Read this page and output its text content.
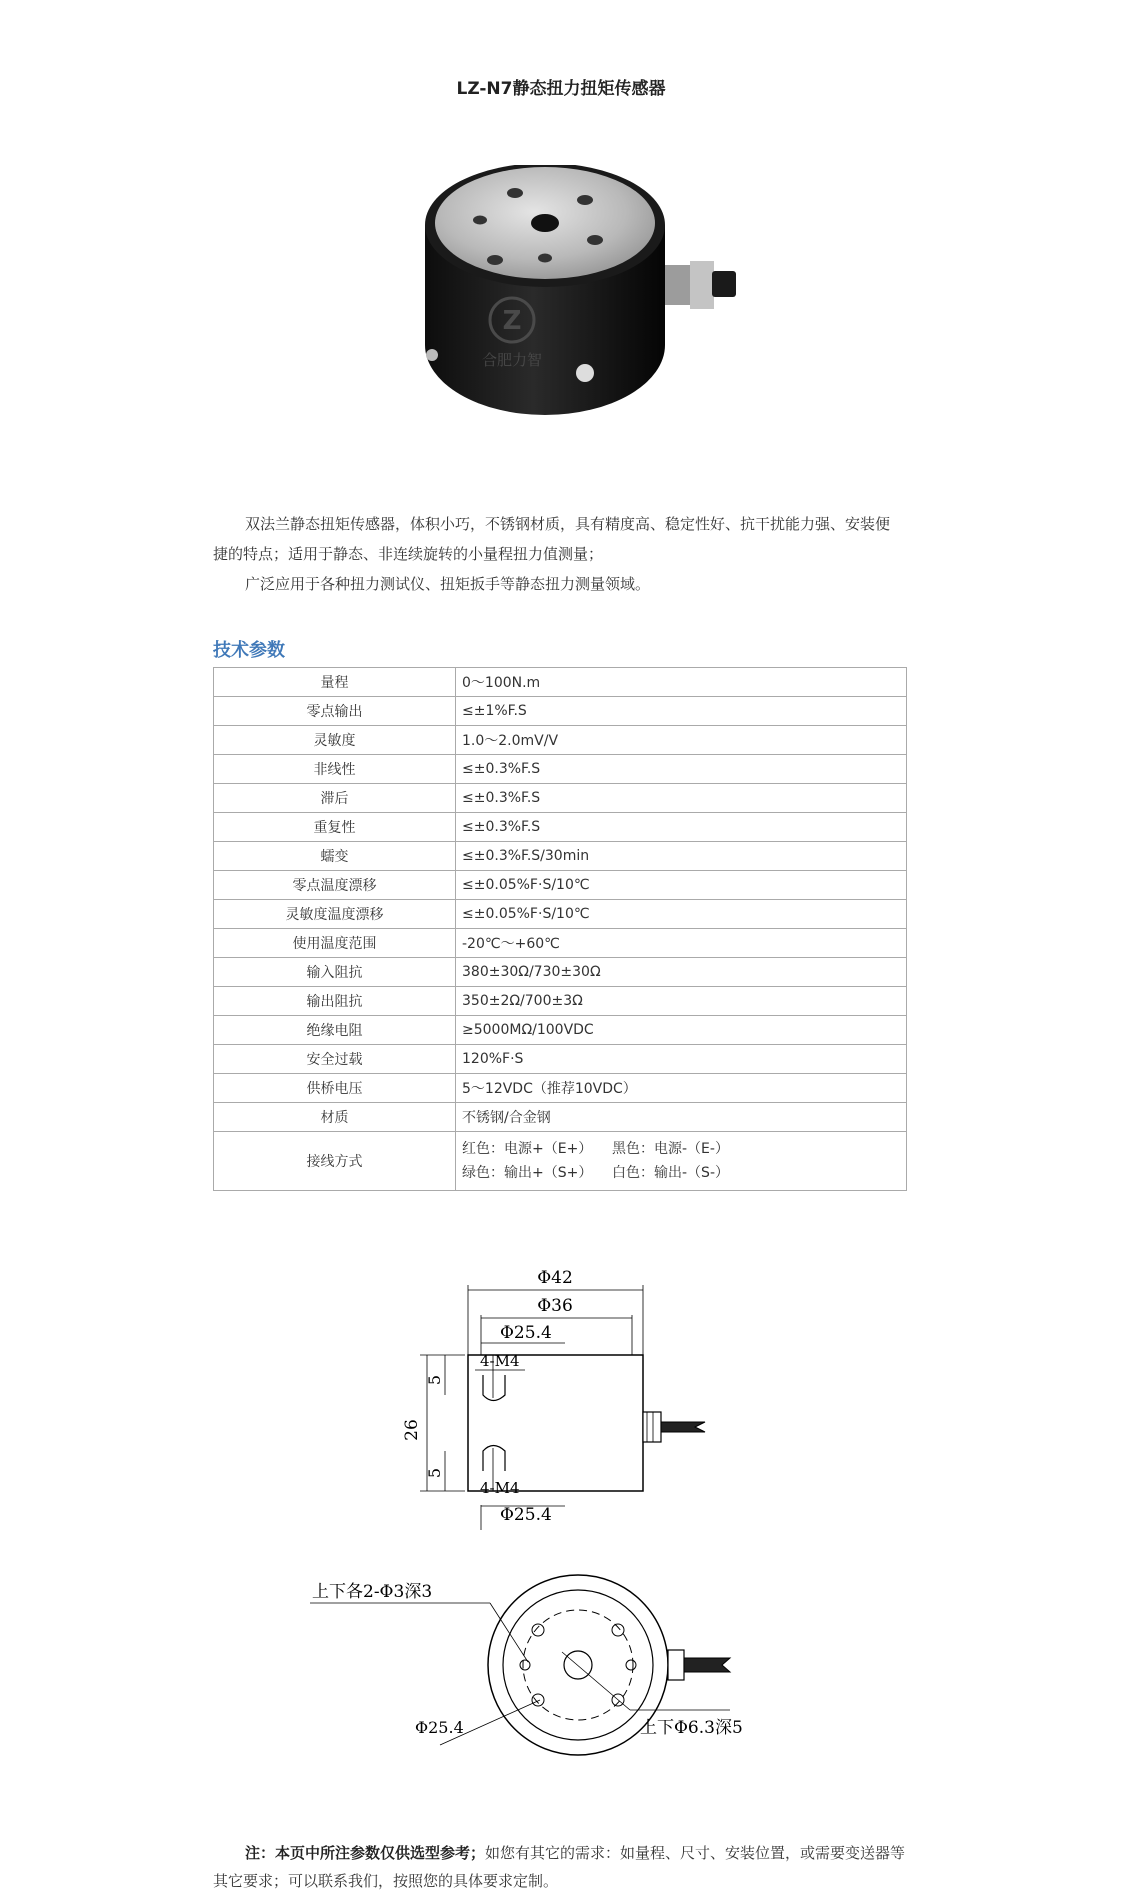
LZ-N7静态扭力扭矩传感器
Z
合肥力智

双法兰静态扭矩传感器，体积小巧，不锈钢材质，具有精度高、稳定性好、抗干扰能力强、安装便捷的特点；适用于静态、非连续旋转的小量程扭力值测量；

广泛应用于各种扭力测试仪、扭矩扳手等静态扭力测量领域。

技术参数
量程	0～100N.m
零点输出	≤±1%F.S
灵敏度	1.0～2.0mV/V
非线性	≤±0.3%F.S
滞后	≤±0.3%F.S
重复性	≤±0.3%F.S
蠕变	≤±0.3%F.S/30min
零点温度漂移	≤±0.05%F·S/10℃
灵敏度温度漂移	≤±0.05%F·S/10℃
使用温度范围	-20℃～+60℃
输入阻抗	380±30Ω/730±30Ω
输出阻抗	350±2Ω/700±3Ω
绝缘电阻	≥5000MΩ/100VDC
安全过载	120%F·S
供桥电压	5～12VDC（推荐10VDC）
材质	不锈钢/合金钢
接线方式	红色：电源+（E+） 黑色：电源-（E-）
绿色：输出+（S+） 白色：输出-（S-）
Φ42
Φ36
Φ25.4
4-M4
26
5
5
4-M4
Φ25.4
上下各2-Φ3深3
Φ25.4	上下Φ6.3深5
注：本页中所注参数仅供选型参考；如您有其它的需求：如量程、尺寸、安装位置，或需要变送器等其它要求；可以联系我们，按照您的具体要求定制。
